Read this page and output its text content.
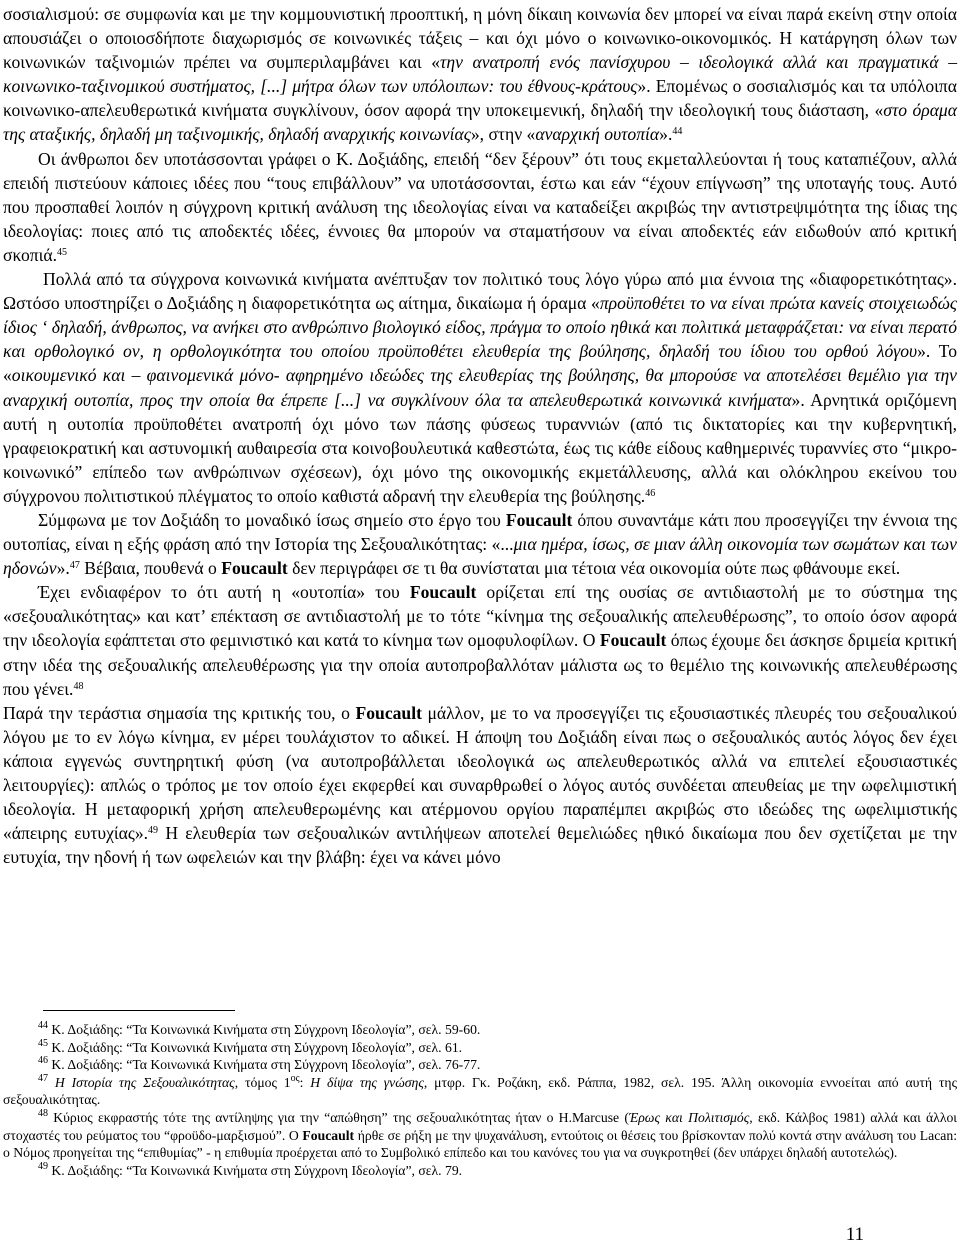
σοσιαλισμού: σε συμφωνία και με την κομμουνιστική προοπτική, η μόνη δίκαιη κοινωνία δεν μπορεί να είναι παρά εκείνη στην οποία απουσιάζει ο οποιοσδήποτε διαχωρισμός σε κοινωνικές τάξεις – και όχι μόνο ο κοινωνικο-οικονομικός. Η κατάργηση όλων των κοινωνικών ταξινομιών πρέπει να συμπεριλαμβάνει και «την ανατροπή ενός πανίσχυρου – ιδεολογικά αλλά και πραγματικά – κοινωνικο-ταξινομικού συστήματος, [...] μήτρα όλων των υπόλοιπων: του έθνους-κράτους». Επομένως ο σοσιαλισμός και τα υπόλοιπα κοινωνικο-απελευθερωτικά κινήματα συγκλίνουν, όσον αφορά την υποκειμενική, δηλαδή την ιδεολογική τους διάσταση, «στο όραμα της αταξικής, δηλαδή μη ταξινομικής, δηλαδή αναρχικής κοινωνίας», στην «αναρχική ουτοπία».$^{44}$

Οι άνθρωποι δεν υποτάσσονται γράφει ο Κ. Δοξιάδης, επειδή “δεν ξέρουν” ότι τους εκμεταλλεύονται ή τους καταπιέζουν, αλλά επειδή πιστεύουν κάποιες ιδέες που “τους επιβάλλουν” να υποτάσσονται, έστω και εάν “έχουν επίγνωση” της υποταγής τους. Αυτό που προσπαθεί λοιπόν η σύγχρονη κριτική ανάλυση της ιδεολογίας είναι να καταδείξει ακριβώς την αντιστρεψιμότητα της ίδιας της ιδεολογίας: ποιες από τις αποδεκτές ιδέες, έννοιες θα μπορούν να σταματήσουν να είναι αποδεκτές εάν ειδωθούν από κριτική σκοπιά.$^{45}$

Πολλά από τα σύγχρονα κοινωνικά κινήματα ανέπτυξαν τον πολιτικό τους λόγο γύρω από μια έννοια της «διαφορετικότητας». Ωστόσο υποστηρίζει ο Δοξιάδης η διαφορετικότητα ως αίτημα, δικαίωμα ή όραμα «προϋποθέτει το να είναι πρώτα κανείς στοιχειωδώς ίδιος ‘ δηλαδή, άνθρωπος, να ανήκει στο ανθρώπινο βιολογικό είδος, πράγμα το οποίο ηθικά και πολιτικά μεταφράζεται: να είναι περατό και ορθολογικό ον, η ορθολογικότητα του οποίου προϋποθέτει ελευθερία της βούλησης, δηλαδή του ίδιου του ορθού λόγου». Το «οικουμενικό και – φαινομενικά μόνο- αφηρημένο ιδεώδες της ελευθερίας της βούλησης, θα μπορούσε να αποτελέσει θεμέλιο για την αναρχική ουτοπία, προς την οποία θα έπρεπε [...] να συγκλίνουν όλα τα απελευθερωτικά κοινωνικά κινήματα». Αρνητικά οριζόμενη αυτή η ουτοπία προϋποθέτει ανατροπή όχι μόνο των πάσης φύσεως τυραννιών (από τις δικτατορίες και την κυβερνητική, γραφειοκρατική και αστυνομική αυθαιρεσία στα κοινοβουλευτικά καθεστώτα, έως τις κάθε είδους καθημερινές τυραννίες στο “μικρο-κοινωνικό” επίπεδο των ανθρώπινων σχέσεων), όχι μόνο της οικονομικής εκμετάλλευσης, αλλά και ολόκληρου εκείνου του σύγχρονου πολιτιστικού πλέγματος το οποίο καθιστά αδρανή την ελευθερία της βούλησης.$^{46}$

Σύμφωνα με τον Δοξιάδη το μοναδικό ίσως σημείο στο έργο του Foucault όπου συναντάμε κάτι που προσεγγίζει την έννοια της ουτοπίας, είναι η εξής φράση από την Ιστορία της Σεξουαλικότητας: «...μια ημέρα, ίσως, σε μιαν άλλη οικονομία των σωμάτων και των ηδονών».$^{47}$ Βέβαια, πουθενά ο Foucault δεν περιγράφει σε τι θα συνίσταται μια τέτοια νέα οικονομία ούτε πως φθάνουμε εκεί.

Έχει ενδιαφέρον το ότι αυτή η «ουτοπία» του Foucault ορίζεται επί της ουσίας σε αντιδιαστολή με το σύστημα της «σεξουαλικότητας» και κατ’ επέκταση σε αντιδιαστολή με το τότε “κίνημα της σεξουαλικής απελευθέρωσης”, το οποίο όσον αφορά την ιδεολογία εφάπτεται στο φεμινιστικό και κατά το κίνημα των ομοφυλοφίλων. Ο Foucault όπως έχουμε δει άσκησε δριμεία κριτική στην ιδέα της σεξουαλικής απελευθέρωσης για την οποία αυτοπροβαλλόταν μάλιστα ως το θεμέλιο της κοινωνικής απελευθέρωσης που γένει.$^{48}$

Παρά την τεράστια σημασία της κριτικής του, ο Foucault μάλλον, με το να προσεγγίζει τις εξουσιαστικές πλευρές του σεξουαλικού λόγου με το εν λόγω κίνημα, εν μέρει τουλάχιστον το αδικεί. Η άποψη του Δοξιάδη είναι πως ο σεξουαλικός αυτός λόγος δεν έχει κάποια εγγενώς συντηρητική φύση (να αυτοπροβάλλεται ιδεολογικά ως απελευθερωτικός αλλά να επιτελεί εξουσιαστικές λειτουργίες): απλώς ο τρόπος με τον οποίο έχει εκφερθεί και συναρθρωθεί ο λόγος αυτός συνδέεται απευθείας με την ωφελιμιστική ιδεολογία. Η μεταφορική χρήση απελευθερωμένης και ατέρμονου οργίου παραπέμπει ακριβώς στο ιδεώδες της ωφελιμιστικής «άπειρης ευτυχίας».$^{49}$ Η ελευθερία των σεξουαλικών αντιλήψεων αποτελεί θεμελιώδες ηθικό δικαίωμα που δεν σχετίζεται με την ευτυχία, την ηδονή ή των ωφελειών και την βλάβη: έχει να κάνει μόνο

$^{44}$ Κ. Δοξιάδης: “Τα Κοινωνικά Κινήματα στη Σύγχρονη Ιδεολογία”, σελ. 59-60.

$^{45}$ Κ. Δοξιάδης: “Τα Κοινωνικά Κινήματα στη Σύγχρονη Ιδεολογία”, σελ. 61.

$^{46}$ Κ. Δοξιάδης: “Τα Κοινωνικά Κινήματα στη Σύγχρονη Ιδεολογία”, σελ. 76-77.

$^{47}$ Η Ιστορία της Σεξουαλικότητας, τόμος $1^{o\varsigma}$: Η δίψα της γνώσης, μτφρ. Γκ. Ροζάκη, εκδ. Ράππα, 1982, σελ. 195. Άλλη οικονομία εννοείται από αυτή της σεξουαλικότητας.

$^{48}$ Κύριος εκφραστής τότε της αντίληψης για την “απώθηση” της σεξουαλικότητας ήταν ο H.Marcuse (Έρως και Πολιτισμός, εκδ. Κάλβος 1981) αλλά και άλλοι στοχαστές του ρεύματος του “φροϋδο-μαρξισμού”. Ο Foucault ήρθε σε ρήξη με την ψυχανάλυση, εντούτοις οι θέσεις του βρίσκονταν πολύ κοντά στην ανάλυση του Lacan: ο Νόμος προηγείται της “επιθυμίας” - η επιθυμία προέρχεται από το Συμβολικό επίπεδο και του κανόνες του για να συγκροτηθεί (δεν υπάρχει δηλαδή αυτοτελώς).

$^{49}$ Κ. Δοξιάδης: “Τα Κοινωνικά Κινήματα στη Σύγχρονη Ιδεολογία”, σελ. 79.

11
